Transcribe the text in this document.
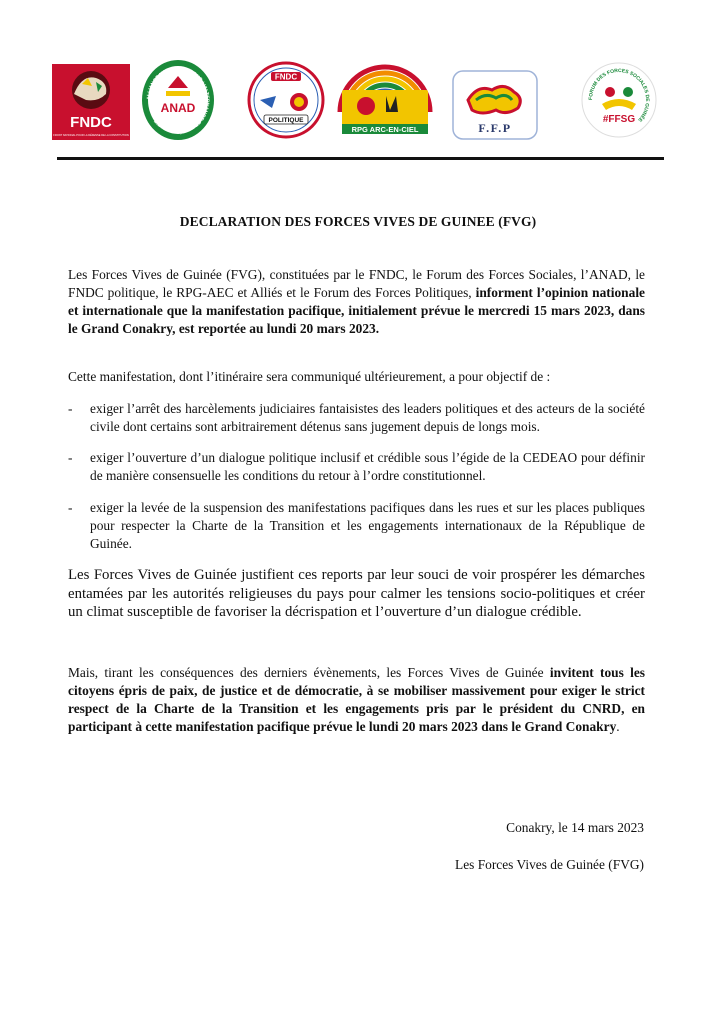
FNDC
FRONT NATIONAL POUR LA DÉFENSE DE LA CONSTITUTION
ALLIANCE NATIONALE POUR L'ALTERNANCE ET LA DÉMOCRATIE
ANAD
FNDC
POLITIQUE
RPG ARC-EN-CIEL	F.F.P
FORUM DES FORCES SOCIALES DE GUINÉE
#FFSG
DECLARATION DES FORCES VIVES DE GUINEE (FVG)

Les Forces Vives de Guinée (FVG), constituées par le FNDC, le Forum des Forces Sociales, l’ANAD, le FNDC politique, le RPG-AEC et Alliés et le Forum des Forces Politiques, informent l’opinion nationale et internationale que la manifestation pacifique, initialement prévue le mercredi 15 mars 2023, dans le Grand Conakry, est reportée au lundi 20 mars 2023.

Cette manifestation, dont l’itinéraire sera communiqué ultérieurement, a pour objectif de :

- exiger l’arrêt des harcèlements judiciaires fantaisistes des leaders politiques et des acteurs de la société civile dont certains sont arbitrairement détenus sans jugement depuis de longs mois.
- exiger l’ouverture d’un dialogue politique inclusif et crédible sous l’égide de la CEDEAO pour définir de manière consensuelle les conditions du retour à l’ordre constitutionnel.
- exiger la levée de la suspension des manifestations pacifiques dans les rues et sur les places publiques pour respecter la Charte de la Transition et les engagements internationaux de la République de Guinée.

Les Forces Vives de Guinée justifient ces reports par leur souci de voir prospérer les démarches entamées par les autorités religieuses du pays pour calmer les tensions socio-politiques et créer un climat susceptible de favoriser la décrispation et l’ouverture d’un dialogue crédible.

Mais, tirant les conséquences des derniers évènements, les Forces Vives de Guinée invitent tous les citoyens épris de paix, de justice et de démocratie, à se mobiliser massivement pour exiger le strict respect de la Charte de la Transition et les engagements pris par le président du CNRD, en participant à cette manifestation pacifique prévue le lundi 20 mars 2023 dans le Grand Conakry.

Conakry, le 14 mars 2023
Les Forces Vives de Guinée (FVG)
